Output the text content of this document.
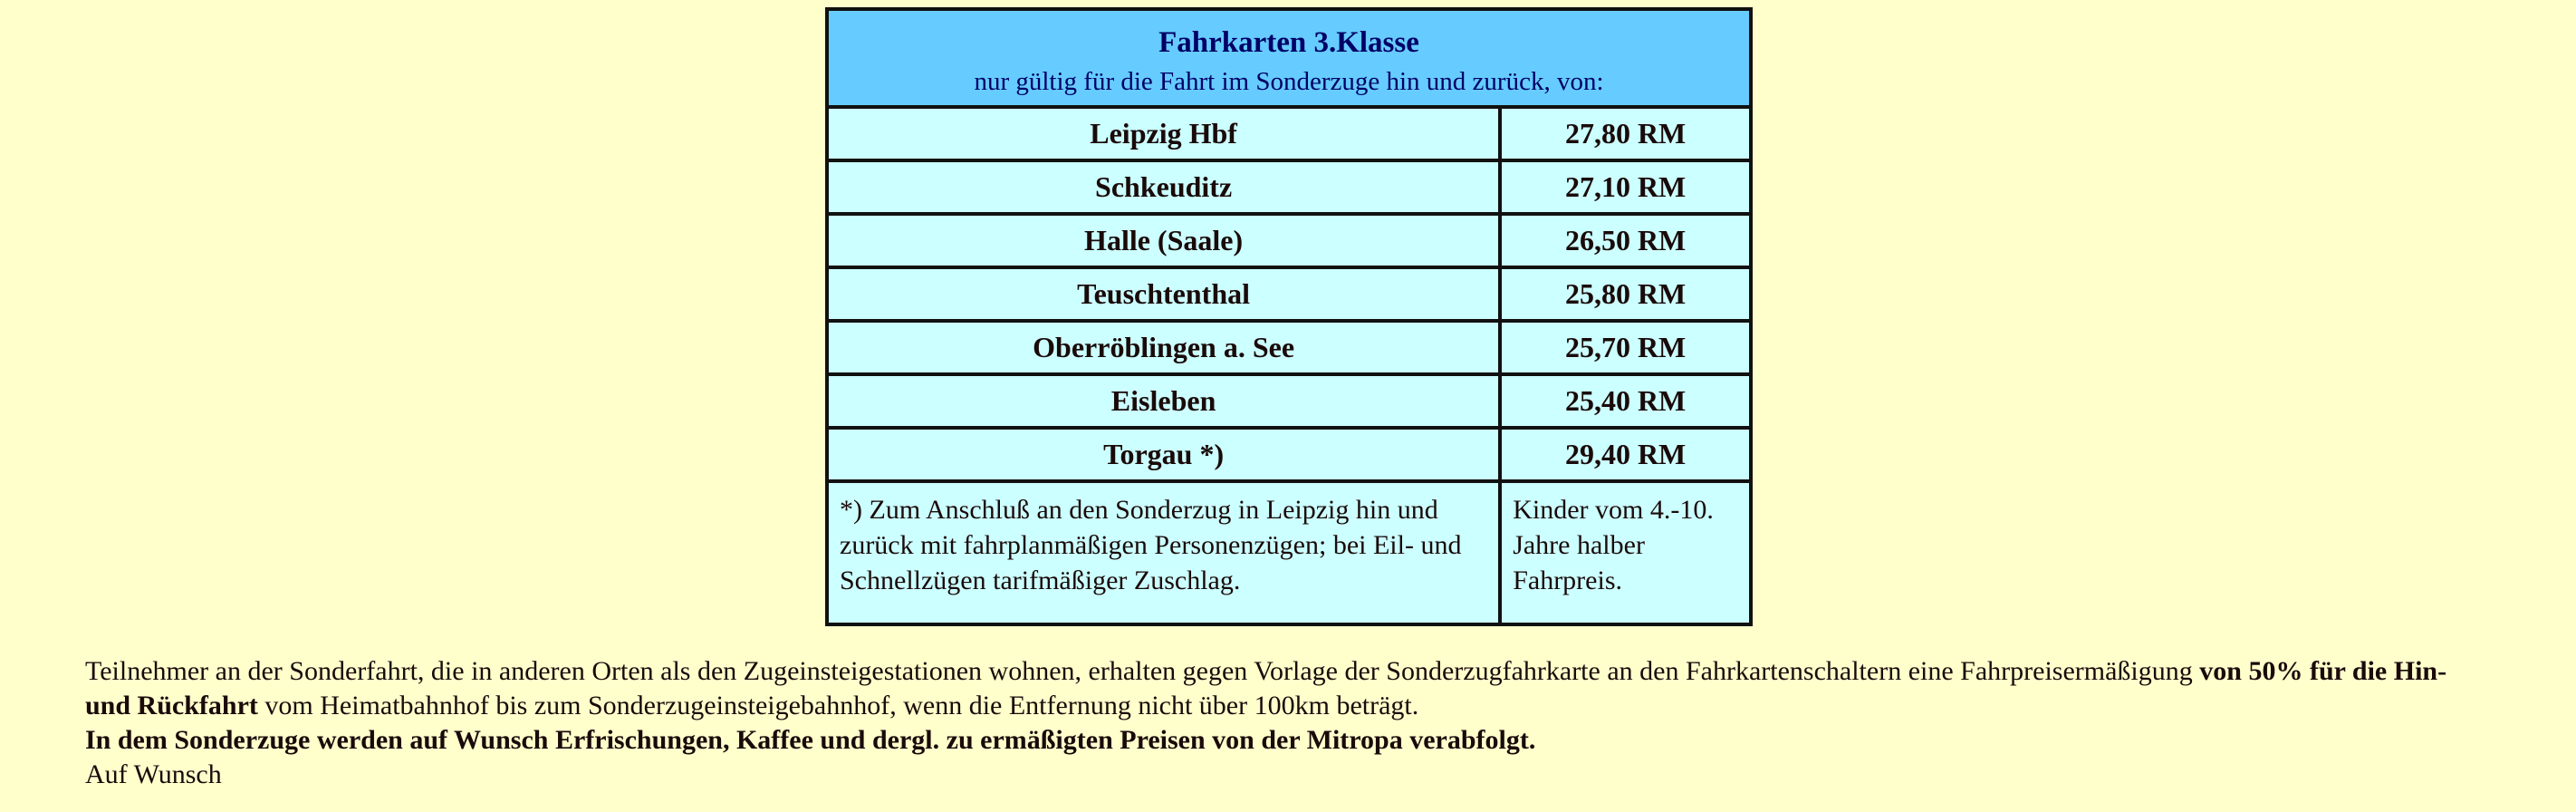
Fahrkarten 3.Klasse
nur gültig für die Fahrt im Sonderzuge hin und zurück, von:	

Leipzig Hbf	27,80 RM
Schkeuditz	27,10 RM
Halle (Saale)	26,50 RM
Teuschtenthal	25,80 RM
Oberröblingen a. See	25,70 RM
Eisleben	25,40 RM
Torgau *)	29,40 RM
*) Zum Anschluß an den Sonderzug in Leipzig hin und zurück mit fahrplanmäßigen Personenzügen; bei Eil- und Schnellzügen tarifmäßiger Zuschlag.	Kinder vom 4.-10. Jahre halber Fahrpreis.

Teilnehmer an der Sonderfahrt, die in anderen Orten als den Zugeinsteigestationen wohnen, erhalten gegen Vorlage der Sonderzugfahrkarte an den Fahrkartenschaltern eine Fahrpreisermäßigung von 50% für die Hin- und Rückfahrt vom Heimatbahnhof bis zum Sonderzugeinsteigebahnhof, wenn die Entfernung nicht über 100km beträgt.

In dem Sonderzuge werden auf Wunsch Erfrischungen, Kaffee und dergl. zu ermäßigten Preisen von der Mitropa verabfolgt.

Auf Wunsch
